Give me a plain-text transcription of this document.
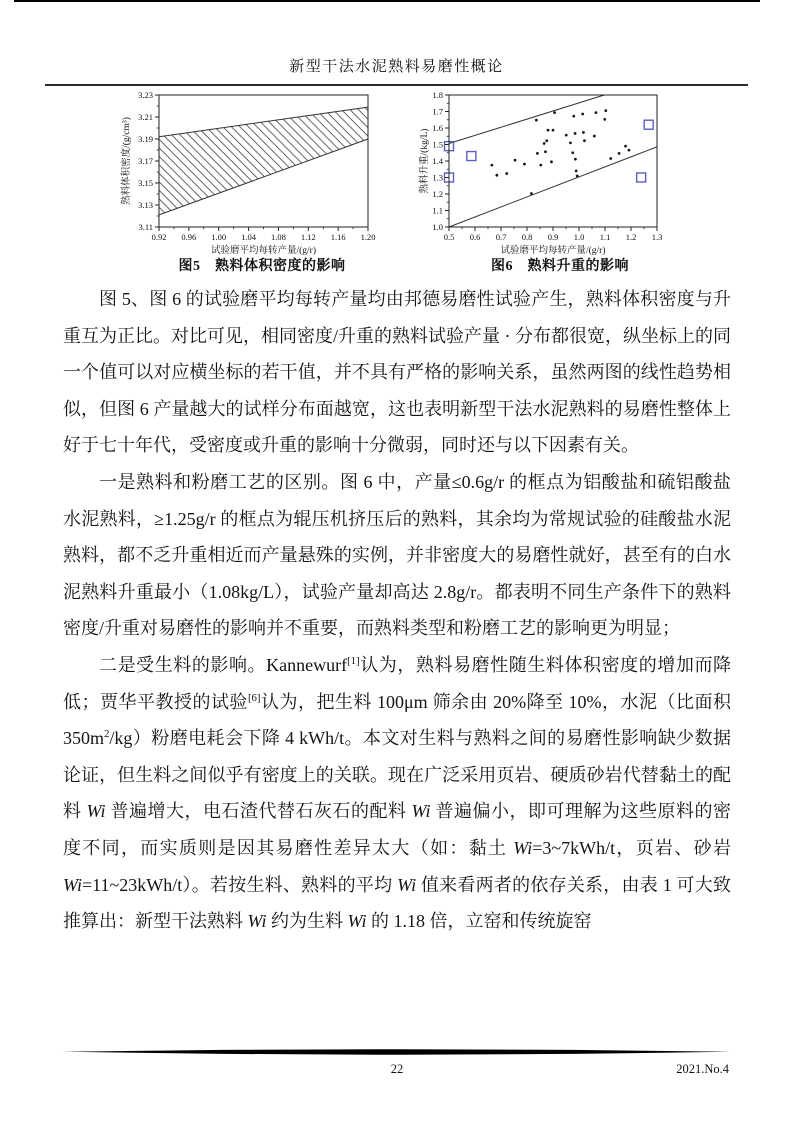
新型干法水泥熟料易磨性概论
0.92 0.96 1.00 1.04 1.08 1.12 1.16 1.20
3.11
3.13
3.15
3.17
3.19
3.21
3.23
试验磨平均每转产量/(g/r)
熟料体积密度/(g/cm³)
0.5 0.6 0.7 0.8 0.9 1.0 1.1 1.2 1.3
1.0
1.1
1.2
1.3
1.4
1.5
1.6
1.7
1.8
试验磨平均每转产量/(g/r)
熟料升重/(kg/L)
图5　熟料体积密度的影响	图6　熟料升重的影响

图 5、图 6 的试验磨平均每转产量均由邦德易磨性试验产生，熟料体积密度与升重互为正比。对比可见，相同密度/升重的熟料试验产量 · 分布都很宽，纵坐标上的同一个值可以对应横坐标的若干值，并不具有严格的影响关系，虽然两图的线性趋势相似，但图 6 产量越大的试样分布面越宽，这也表明新型干法水泥熟料的易磨性整体上好于七十年代，受密度或升重的影响十分微弱，同时还与以下因素有关。

一是熟料和粉磨工艺的区别。图 6 中，产量≤0.6g/r 的框点为铝酸盐和硫铝酸盐水泥熟料，≥1.25g/r 的框点为辊压机挤压后的熟料，其余均为常规试验的硅酸盐水泥熟料，都不乏升重相近而产量悬殊的实例，并非密度大的易磨性就好，甚至有的白水泥熟料升重最小（1.08kg/L），试验产量却高达 2.8g/r。都表明不同生产条件下的熟料密度/升重对易磨性的影响并不重要，而熟料类型和粉磨工艺的影响更为明显；

二是受生料的影响。Kannewurf[1]认为，熟料易磨性随生料体积密度的增加而降低；贾华平教授的试验[6]认为，把生料 100μm 筛余由 20%降至 10%，水泥（比面积 $350m^2/kg$）粉磨电耗会下降 4 kWh/t。本文对生料与熟料之间的易磨性影响缺少数据论证，但生料之间似乎有密度上的关联。现在广泛采用页岩、硬质砂岩代替黏土的配料 Wi 普遍增大，电石渣代替石灰石的配料 Wi 普遍偏小，即可理解为这些原料的密度不同，而实质则是因其易磨性差异太大（如：黏土 Wi=3~7kWh/t，页岩、砂岩 Wi=11~23kWh/t）。若按生料、熟料的平均 Wi 值来看两者的依存关系，由表 1 可大致推算出：新型干法熟料 Wi 约为生料 Wi 的 1.18 倍，立窑和传统旋窑

22	2021.No.4
